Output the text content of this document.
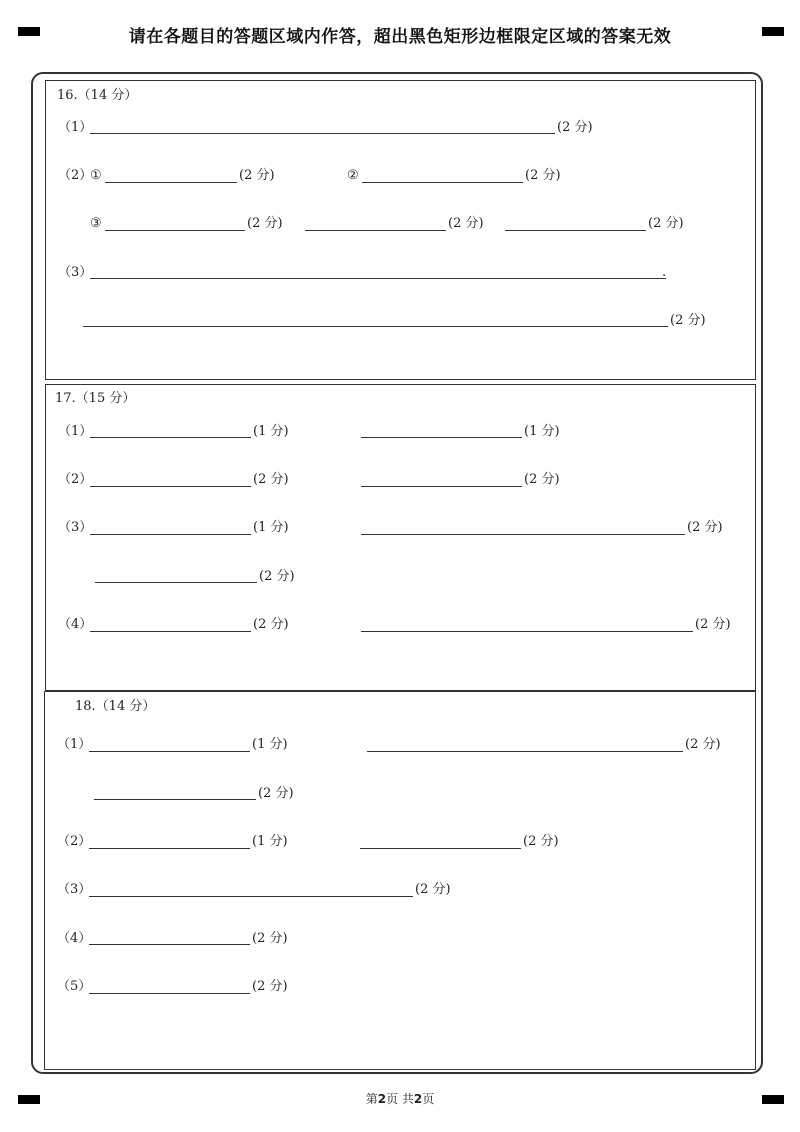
请在各题目的答题区域内作答，超出黑色矩形边框限定区域的答案无效
16.（14 分）
（1）	(2 分)
（2）
①	(2 分)	②	(2 分)
③	(2 分)	(2 分)	(2 分)
（3）	.
(2 分)
17.（15 分）
（1）	(1 分)	(1 分)
（2）	(2 分)	(2 分)
（3）	(1 分)	(2 分)
(2 分)
（4）	(2 分)	(2 分)
18.（14 分）
（1）	(1 分)	(2 分)
(2 分)
（2）	(1 分)	(2 分)
（3）	(2 分)
（4）	(2 分)
（5）	(2 分)
第2页 共2页
